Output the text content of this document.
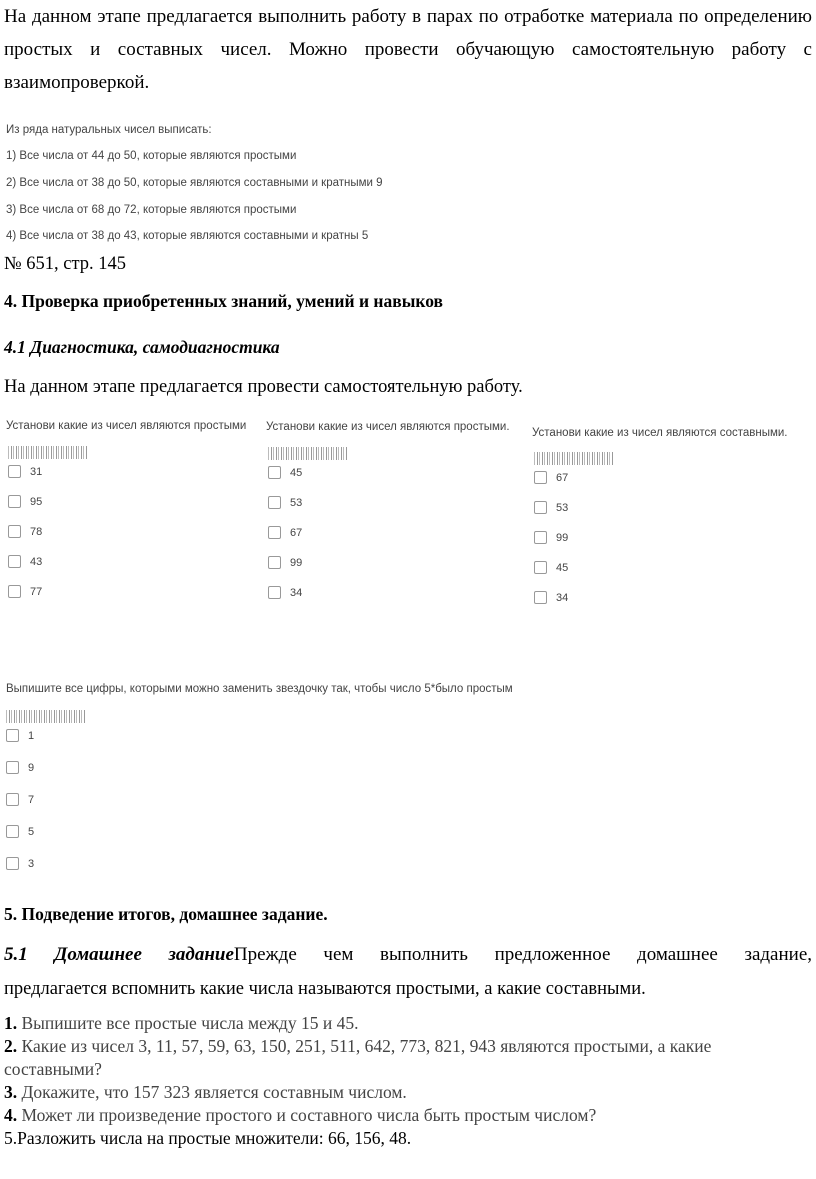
На данном этапе предлагается выполнить работу в парах по отработке материала по определению простых и составных чисел. Можно провести обучающую самостоятельную работу с взаимопроверкой.
Из ряда натуральных чисел выписать:
1) Все числа от 44 до 50, которые являются простыми
2) Все числа от 38 до 50, которые являются составными и кратными 9
3) Все числа от 68 до 72, которые являются простыми
4) Все числа от 38 до 43, которые являются составными и кратны 5
№ 651, стр. 145
4. Проверка приобретенных знаний, умений и навыков
4.1 Диагностика, самодиагностика
На данном этапе предлагается провести самостоятельную работу.
Установи какие из чисел являются простыми
31
95
78
43
77
Установи какие из чисел являются простыми.
45
53
67
99
34
Установи какие из чисел являются составными.
67
53
99
45
34
Выпишите все цифры, которыми можно заменить звездочку так, чтобы число 5*было простым
1
9
7
5
3
5. Подведение итогов, домашнее задание.
5.1 Домашнее заданиеПрежде чем выполнить предложенное домашнее задание,
предлагается вспомнить какие числа называются простыми, а какие составными.
1. Выпишите все простые числа между 15 и 45.
2. Какие из чисел 3, 11, 57, 59, 63, 150, 251, 511, 642, 773, 821, 943 являются простыми, а какие составными?
3. Докажите, что 157 323 является составным числом.
4. Может ли произведение простого и составного числа быть простым числом?
5.Разложить числа на простые множители: 66, 156, 48.
